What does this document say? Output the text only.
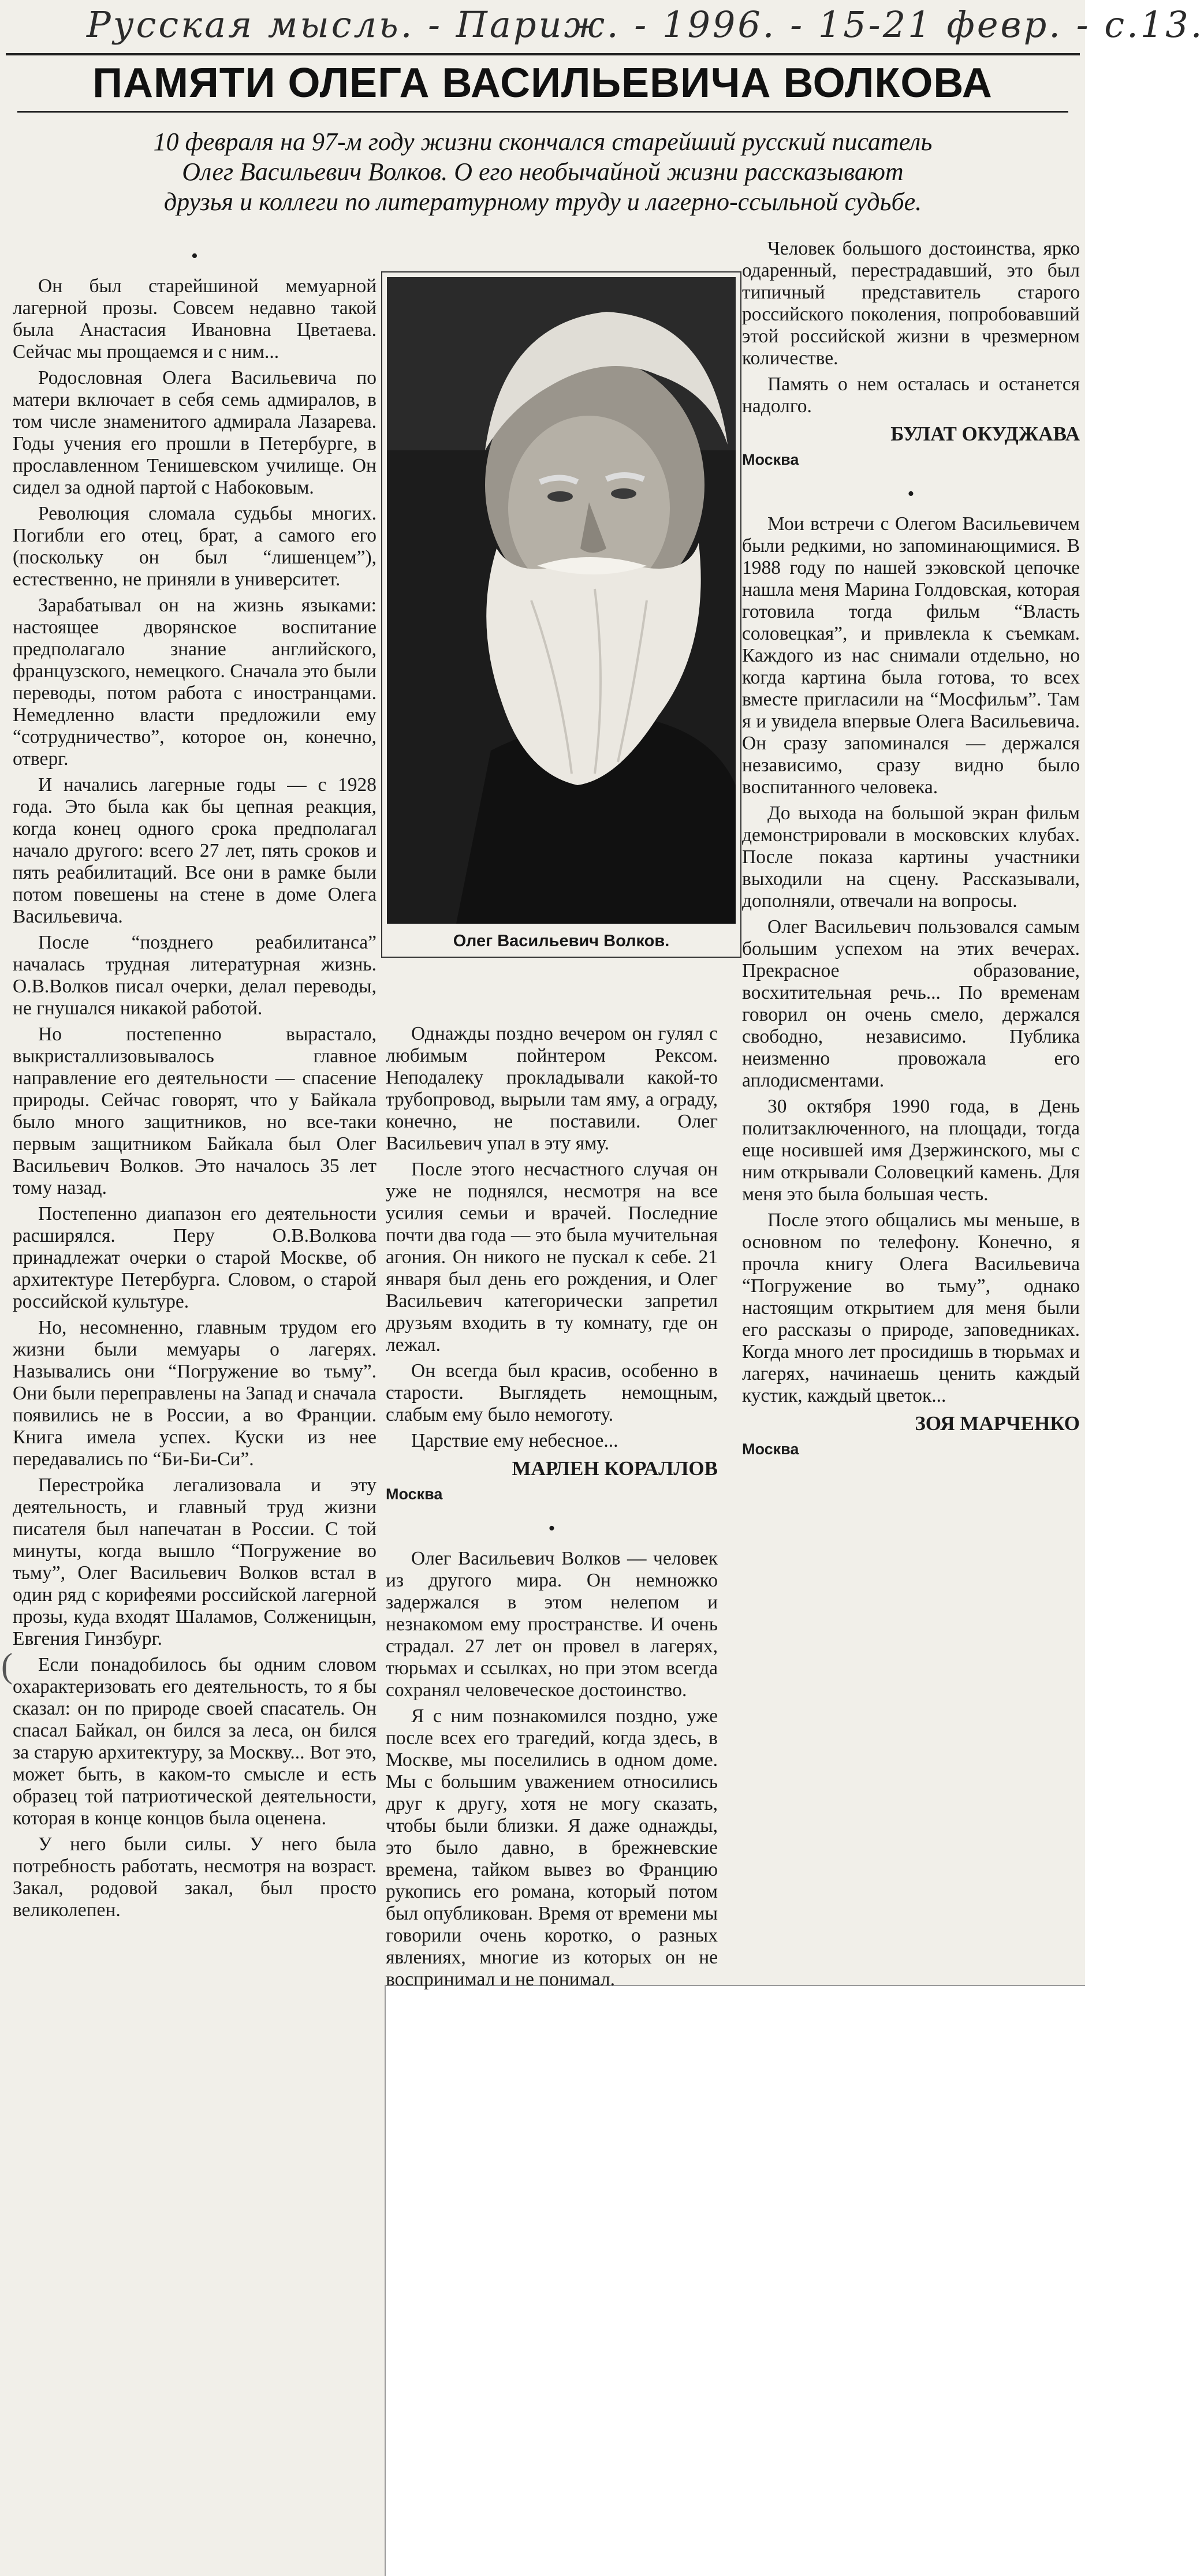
Русская мысль. - Париж. - 1996. - 15-21 февр. - с.13.
ПАМЯТИ ОЛЕГА ВАСИЛЬЕВИЧА ВОЛКОВА

10 февраля на 97-м году жизни скончался старейший русский писатель

Олег Васильевич Волков. О его необычайной жизни рассказывают

друзья и коллеги по литературному труду и лагерно-ссыльной судьбе.

Олег Васильевич Волков.

•

Он был старейшиной мемуарной лагерной прозы. Совсем недавно такой была Анастасия Ивановна Цветаева. Сейчас мы прощаемся и с ним...

Родословная Олега Васильевича по матери включает в себя семь адмиралов, в том числе знаменитого адмирала Лазарева. Годы учения его прошли в Петербурге, в прославленном Тенишевском училище. Он сидел за одной партой с Набоковым.

Революция сломала судьбы многих. Погибли его отец, брат, а самого его (поскольку он был “лишенцем”), естественно, не приняли в университет.

Зарабатывал он на жизнь языками: настоящее дворянское воспитание предполагало знание английского, французского, немецкого. Сначала это были переводы, потом работа с иностранцами. Немедленно власти предложили ему “сотрудничество”, которое он, конечно, отверг.

И начались лагерные годы — с 1928 года. Это была как бы цепная реакция, когда конец одного срока предполагал начало другого: всего 27 лет, пять сроков и пять реабилитаций. Все они в рамке были потом повешены на стене в доме Олега Васильевича.

После “позднего реабилитанса” началась трудная литературная жизнь. О.В.Волков писал очерки, делал переводы, не гнушался никакой работой.

Но постепенно вырастало, выкристаллизовывалось главное направление его деятельности — спасение природы. Сейчас говорят, что у Байкала было много защитников, но все-таки первым защитником Байкала был Олег Васильевич Волков. Это началось 35 лет тому назад.

Постепенно диапазон его деятельности расширялся. Перу О.В.Волкова принадлежат очерки о старой Москве, об архитектуре Петербурга. Словом, о старой российской культуре.

Но, несомненно, главным трудом его жизни были мемуары о лагерях. Назывались они “Погружение во тьму”. Они были переправлены на Запад и сначала появились не в России, а во Франции. Книга имела успех. Куски из нее передавались по “Би-Би-Си”.

Перестройка легализовала и эту деятельность, и главный труд жизни писателя был напечатан в России. С той минуты, когда вышло “Погружение во тьму”, Олег Васильевич Волков встал в один ряд с корифеями российской лагерной прозы, куда входят Шаламов, Солженицын, Евгения Гинзбург.

Если понадобилось бы одним словом охарактеризовать его деятельность, то я бы сказал: он по природе своей спасатель. Он спасал Байкал, он бился за леса, он бился за старую архитектуру, за Москву... Вот это, может быть, в каком-то смысле и есть образец той патриотической деятельности, которая в конце концов была оценена.

У него были силы. У него была потребность работать, несмотря на возраст. Закал, родовой закал, был просто великолепен.

Однажды поздно вечером он гулял с любимым пойнтером Рексом. Неподалеку прокладывали какой-то трубопровод, вырыли там яму, а ограду, конечно, не поставили. Олег Васильевич упал в эту яму.

После этого несчастного случая он уже не поднялся, несмотря на все усилия семьи и врачей. Последние почти два года — это была мучительная агония. Он никого не пускал к себе. 21 января был день его рождения, и Олег Васильевич категорически запретил друзьям входить в ту комнату, где он лежал.

Он всегда был красив, особенно в старости. Выглядеть немощным, слабым ему было немоготу.

Царствие ему небесное...

МАРЛЕН КОРАЛЛОВ

Москва

•

Олег Васильевич Волков — человек из другого мира. Он немножко задержался в этом нелепом и незнакомом ему пространстве. И очень страдал. 27 лет он провел в лагерях, тюрьмах и ссылках, но при этом всегда сохранял человеческое достоинство.

Я с ним познакомился поздно, уже после всех его трагедий, когда здесь, в Москве, мы поселились в одном доме. Мы с большим уважением относились друг к другу, хотя не могу сказать, чтобы были близки. Я даже однажды, это было давно, в брежневские времена, тайком вывез во Францию рукопись его романа, который потом был опубликован. Время от времени мы говорили очень коротко, о разных явлениях, многие из которых он не воспринимал и не понимал.

Человек большого достоинства, ярко одаренный, перестрадавший, это был типичный представитель старого российского поколения, попробовавший этой российской жизни в чрезмерном количестве.

Память о нем осталась и останется надолго.

БУЛАТ ОКУДЖАВА

Москва

•

Мои встречи с Олегом Васильевичем были редкими, но запоминающимися. В 1988 году по нашей зэковской цепочке нашла меня Марина Голдовская, которая готовила тогда фильм “Власть соловецкая”, и привлекла к съемкам. Каждого из нас снимали отдельно, но когда картина была готова, то всех вместе пригласили на “Мосфильм”. Там я и увидела впервые Олега Васильевича. Он сразу запоминался — держался независимо, сразу видно было воспитанного человека.

До выхода на большой экран фильм демонстрировали в московских клубах. После показа картины участники выходили на сцену. Рассказывали, дополняли, отвечали на вопросы.

Олег Васильевич пользовался самым большим успехом на этих вечерах. Прекрасное образование, восхитительная речь... По временам говорил он очень смело, держался свободно, независимо. Публика неизменно провожала его аплодисментами.

30 октября 1990 года, в День политзаключенного, на площади, тогда еще носившей имя Дзержинского, мы с ним открывали Соловецкий камень. Для меня это была большая честь.

После этого общались мы меньше, в основном по телефону. Конечно, я прочла книгу Олега Васильевича “Погружение во тьму”, однако настоящим открытием для меня были его рассказы о природе, заповедниках. Когда много лет просидишь в тюрьмах и лагерях, начинаешь ценить каждый кустик, каждый цветок...

ЗОЯ МАРЧЕНКО

Москва

(
